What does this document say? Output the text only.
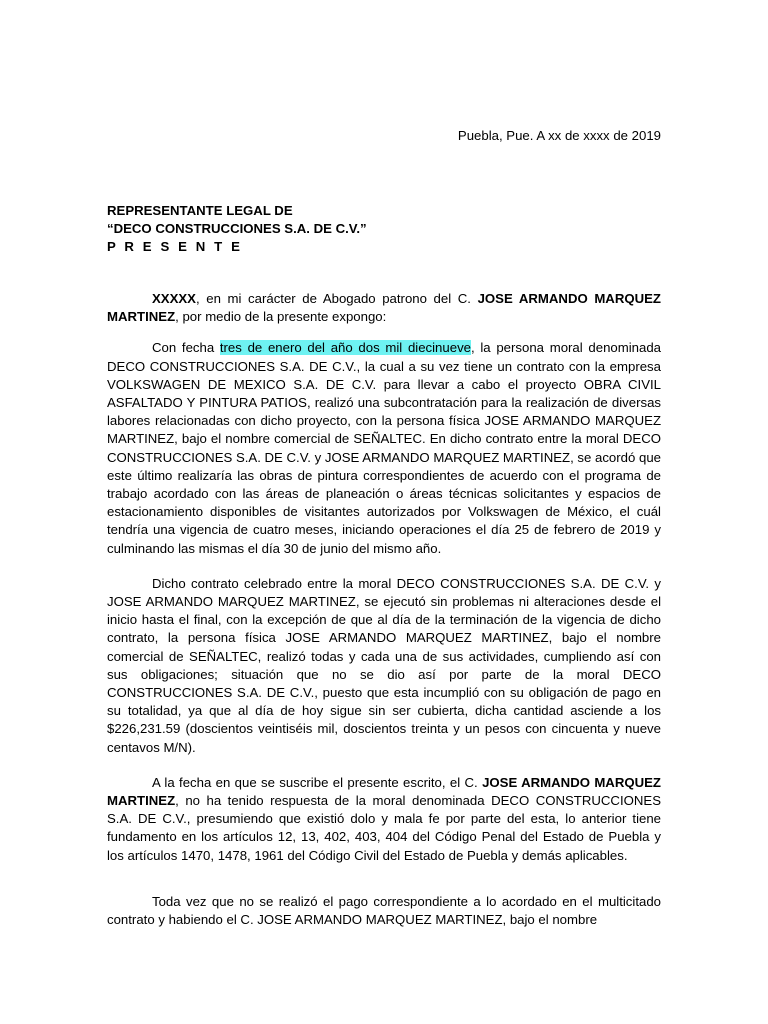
Puebla, Pue. A xx de xxxx de 2019
REPRESENTANTE LEGAL DE
“DECO CONSTRUCCIONES S.A. DE C.V.”
P R E S E N T E

XXXXX, en mi carácter de Abogado patrono del C. JOSE ARMANDO MARQUEZ MARTINEZ, por medio de la presente expongo:

Con fecha tres de enero del año dos mil diecinueve, la persona moral denominada DECO CONSTRUCCIONES S.A. DE C.V., la cual a su vez tiene un contrato con la empresa VOLKSWAGEN DE MEXICO S.A. DE C.V. para llevar a cabo el proyecto OBRA CIVIL ASFALTADO Y PINTURA PATIOS, realizó una subcontratación para la realización de diversas labores relacionadas con dicho proyecto, con la persona física JOSE ARMANDO MARQUEZ MARTINEZ, bajo el nombre comercial de SEÑALTEC. En dicho contrato entre la moral DECO CONSTRUCCIONES S.A. DE C.V. y JOSE ARMANDO MARQUEZ MARTINEZ, se acordó que este último realizaría las obras de pintura correspondientes de acuerdo con el programa de trabajo acordado con las áreas de planeación o áreas técnicas solicitantes y espacios de estacionamiento disponibles de visitantes autorizados por Volkswagen de México, el cuál tendría una vigencia de cuatro meses, iniciando operaciones el día 25 de febrero de 2019 y culminando las mismas el día 30 de junio del mismo año.

Dicho contrato celebrado entre la moral DECO CONSTRUCCIONES S.A. DE C.V. y JOSE ARMANDO MARQUEZ MARTINEZ, se ejecutó sin problemas ni alteraciones desde el inicio hasta el final, con la excepción de que al día de la terminación de la vigencia de dicho contrato, la persona física JOSE ARMANDO MARQUEZ MARTINEZ, bajo el nombre comercial de SEÑALTEC, realizó todas y cada una de sus actividades, cumpliendo así con sus obligaciones; situación que no se dio así por parte de la moral DECO CONSTRUCCIONES S.A. DE C.V., puesto que esta incumplió con su obligación de pago en su totalidad, ya que al día de hoy sigue sin ser cubierta, dicha cantidad asciende a los $226,231.59 (doscientos veintiséis mil, doscientos treinta y un pesos con cincuenta y nueve centavos M/N).

A la fecha en que se suscribe el presente escrito, el C. JOSE ARMANDO MARQUEZ MARTINEZ, no ha tenido respuesta de la moral denominada DECO CONSTRUCCIONES S.A. DE C.V., presumiendo que existió dolo y mala fe por parte del esta, lo anterior tiene fundamento en los artículos 12, 13, 402, 403, 404 del Código Penal del Estado de Puebla y los artículos 1470, 1478, 1961 del Código Civil del Estado de Puebla y demás aplicables.

Toda vez que no se realizó el pago correspondiente a lo acordado en el multicitado contrato y habiendo el C. JOSE ARMANDO MARQUEZ MARTINEZ, bajo el nombre
